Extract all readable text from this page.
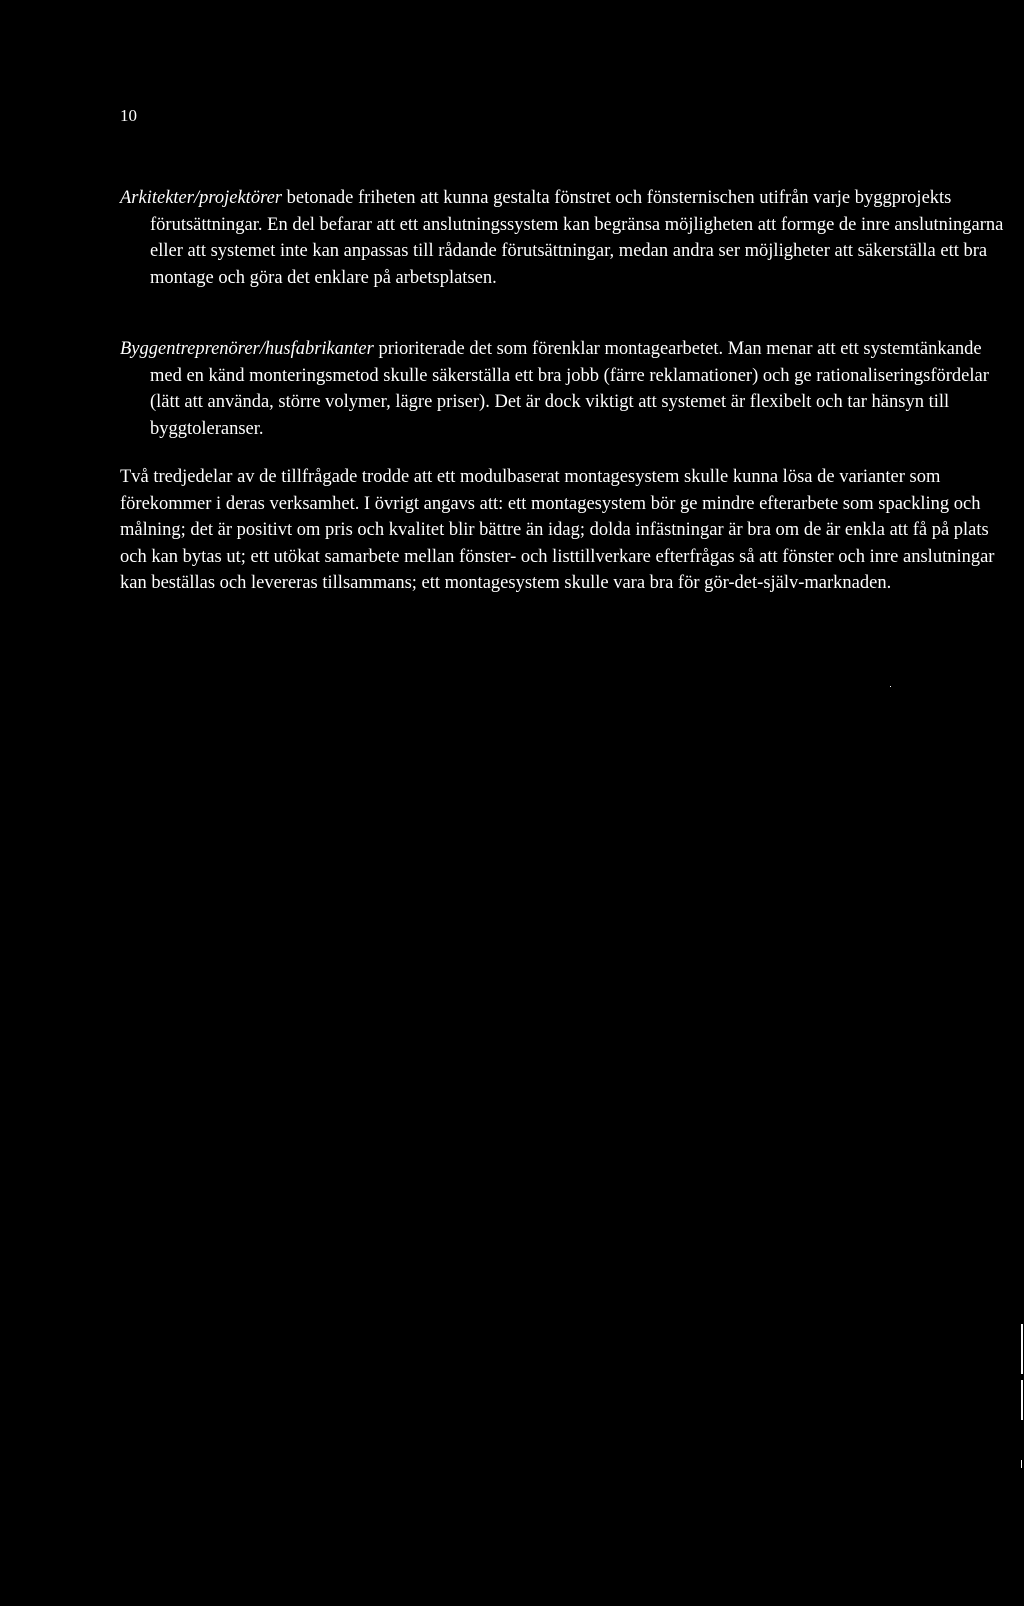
10

Arkitekter/projektörer betonade friheten att kunna gestalta fönstret och fönsternischen utifrån varje byggprojekts förutsättningar. En del befarar att ett anslutningssystem kan begränsa möjligheten att formge de inre anslutningarna eller att systemet inte kan anpassas till rådande förutsättningar, medan andra ser möjligheter att säkerställa ett bra montage och göra det enklare på arbetsplatsen.

Byggentreprenörer/husfabrikanter prioriterade det som förenklar montagearbetet. Man menar att ett systemtänkande med en känd monteringsmetod skulle säkerställa ett bra jobb (färre reklamationer) och ge rationaliseringsfördelar (lätt att använda, större volymer, lägre priser). Det är dock viktigt att systemet är flexibelt och tar hänsyn till byggtoleranser.

Två tredjedelar av de tillfrågade trodde att ett modulbaserat montagesystem skulle kunna lösa de varianter som förekommer i deras verksamhet. I övrigt angavs att: ett montagesystem bör ge mindre efterarbete som spackling och målning; det är positivt om pris och kvalitet blir bättre än idag; dolda infästningar är bra om de är enkla att få på plats och kan bytas ut; ett utökat samarbete mellan fönster- och listtillverkare efterfrågas så att fönster och inre anslutningar kan beställas och levereras tillsammans; ett montagesystem skulle vara bra för gör-det-själv-marknaden.
